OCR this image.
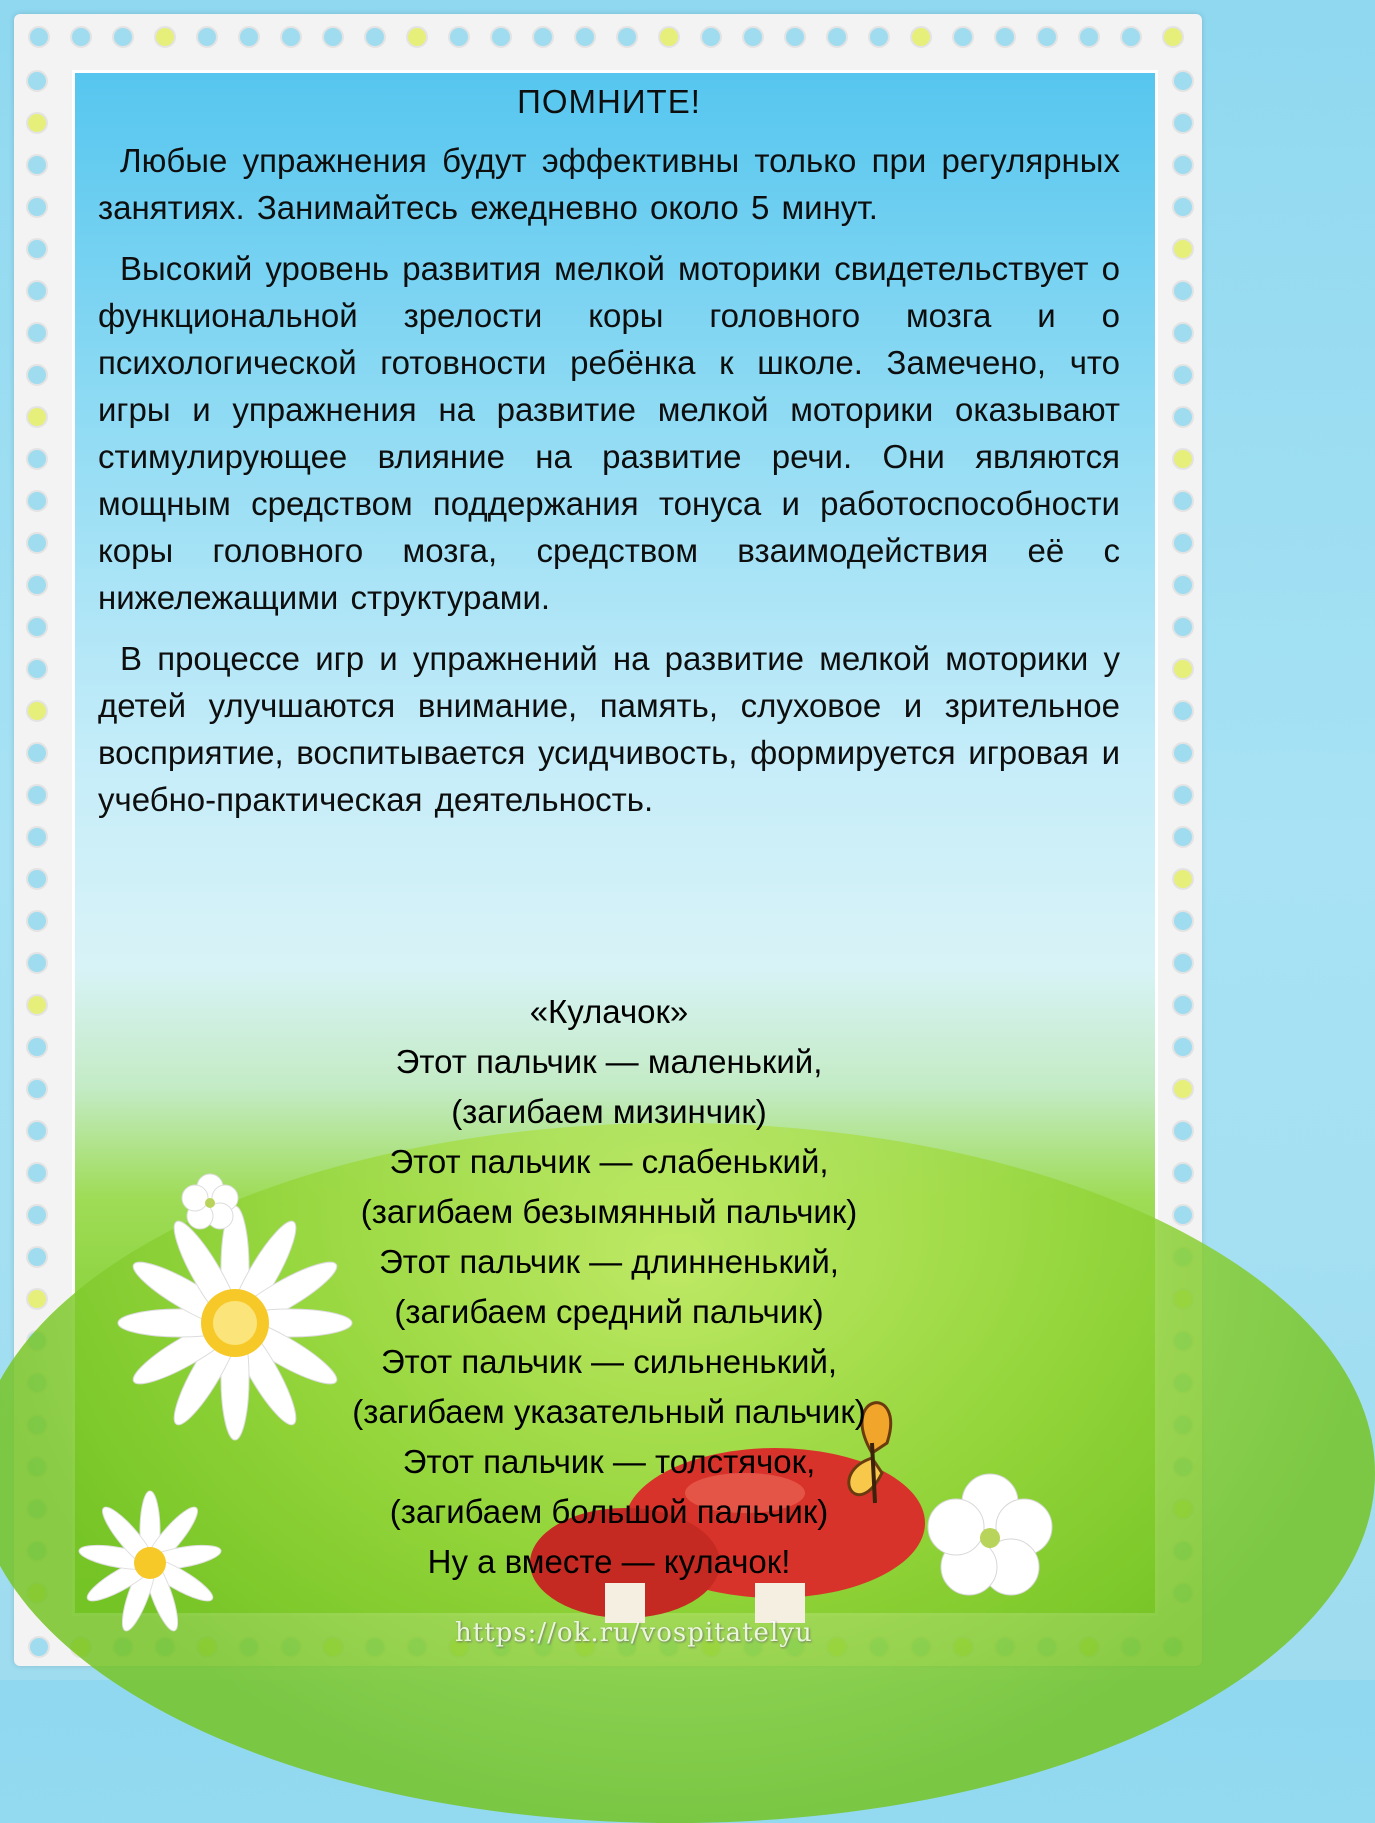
https://ok.ru/vospitatelyu
ПОМНИТЕ!

Любые упражнения будут эффективны только при регулярных занятиях. Занимайтесь ежедневно около 5 минут.

Высокий уровень развития мелкой моторики свидетельствует о функциональной зрелости коры головного мозга и о психологической готовности ребёнка к школе. Замечено, что игры и упражнения на развитие мелкой моторики оказывают стимулирующее влияние на развитие речи. Они являются мощным средством поддержания тонуса и работоспособности коры головного мозга, средством взаимодействия её с нижележащими структурами.

В процессе игр и упражнений на развитие мелкой моторики у детей улучшаются внимание, память, слуховое и зрительное восприятие, воспитывается усидчивость, формируется игровая и учебно-практическая деятельность.

«Кулачок»
Этот пальчик — маленький,
(загибаем мизинчик)
Этот пальчик — слабенький,
(загибаем безымянный пальчик)
Этот пальчик — длинненький,
(загибаем средний пальчик)
Этот пальчик — сильненький,
(загибаем указательный пальчик)
Этот пальчик — толстячок,
(загибаем большой пальчик)
Ну а вместе — кулачок!
